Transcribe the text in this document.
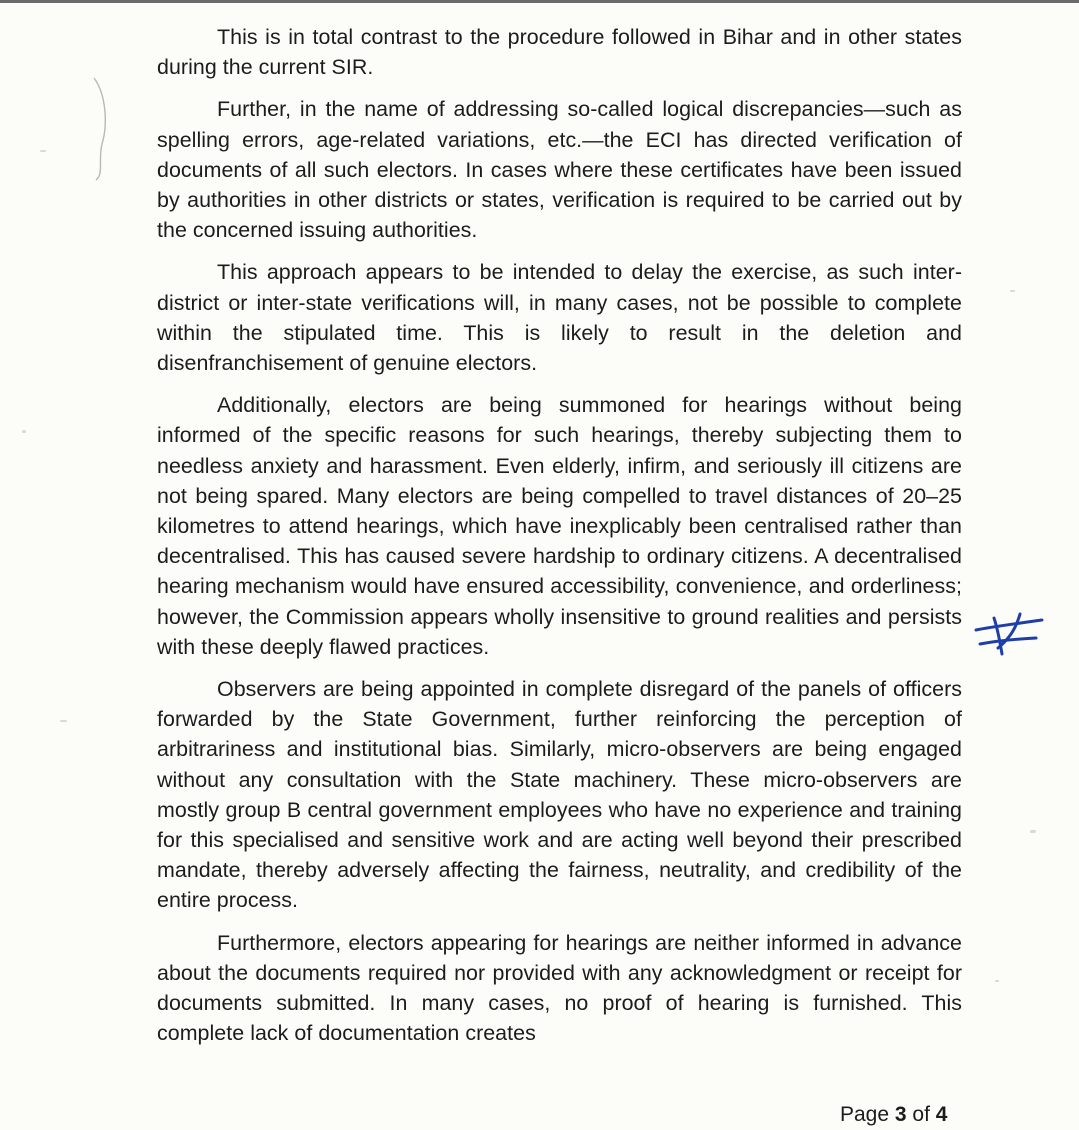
This is in total contrast to the procedure followed in Bihar and in other states during the current SIR.

Further, in the name of addressing so-called logical discrepancies—such as spelling errors, age-related variations, etc.—the ECI has directed verification of documents of all such electors. In cases where these certificates have been issued by authorities in other districts or states, verification is required to be carried out by the concerned issuing authorities.

This approach appears to be intended to delay the exercise, as such inter-district or inter-state verifications will, in many cases, not be possible to complete within the stipulated time. This is likely to result in the deletion and disenfranchisement of genuine electors.

Additionally, electors are being summoned for hearings without being informed of the specific reasons for such hearings, thereby subjecting them to needless anxiety and harassment. Even elderly, infirm, and seriously ill citizens are not being spared. Many electors are being compelled to travel distances of 20–25 kilometres to attend hearings, which have inexplicably been centralised rather than decentralised. This has caused severe hardship to ordinary citizens. A decentralised hearing mechanism would have ensured accessibility, convenience, and orderliness; however, the Commission appears wholly insensitive to ground realities and persists with these deeply flawed practices.

Observers are being appointed in complete disregard of the panels of officers forwarded by the State Government, further reinforcing the perception of arbitrariness and institutional bias. Similarly, micro-observers are being engaged without any consultation with the State machinery. These micro-observers are mostly group B central government employees who have no experience and training for this specialised and sensitive work and are acting well beyond their prescribed mandate, thereby adversely affecting the fairness, neutrality, and credibility of the entire process.

Furthermore, electors appearing for hearings are neither informed in advance about the documents required nor provided with any acknowledgment or receipt for documents submitted. In many cases, no proof of hearing is furnished. This complete lack of documentation creates

Page 3 of 4
